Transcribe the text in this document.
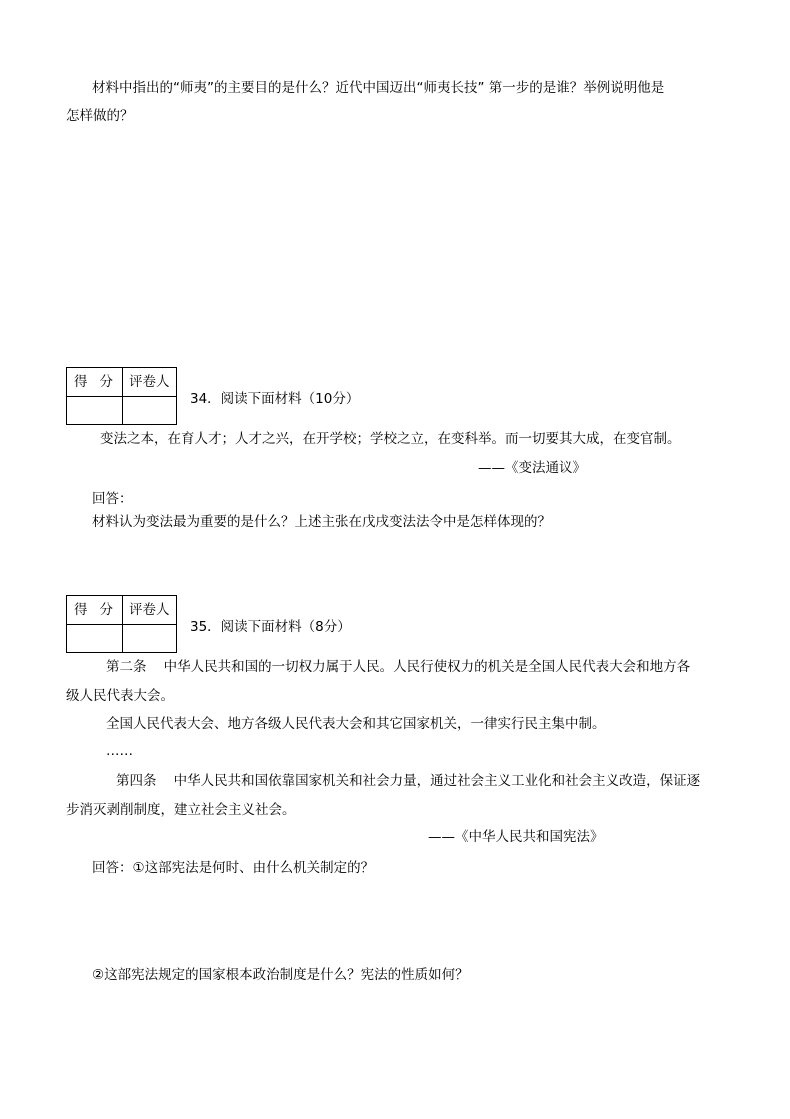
材料中指出的“师夷”的主要目的是什么？近代中国迈出“师夷长技” 第一步的是谁？举例说明他是
怎样做的？
得分 评卷人
34．阅读下面材料（10分）
变法之本，在育人才；人才之兴，在开学校；学校之立，在变科举。而一切要其大成，在变官制。
——《变法通议》
回答：
材料认为变法最为重要的是什么？上述主张在戊戌变法法令中是怎样体现的？
得分 评卷人
35．阅读下面材料（8分）
第二条    中华人民共和国的一切权力属于人民。人民行使权力的机关是全国人民代表大会和地方各
级人民代表大会。
全国人民代表大会、地方各级人民代表大会和其它国家机关，一律实行民主集中制。
……
第四条    中华人民共和国依靠国家机关和社会力量，通过社会主义工业化和社会主义改造，保证逐
步消灭剥削制度，建立社会主义社会。
——《中华人民共和国宪法》
回答：①这部宪法是何时、由什么机关制定的？
②这部宪法规定的国家根本政治制度是什么？宪法的性质如何？
